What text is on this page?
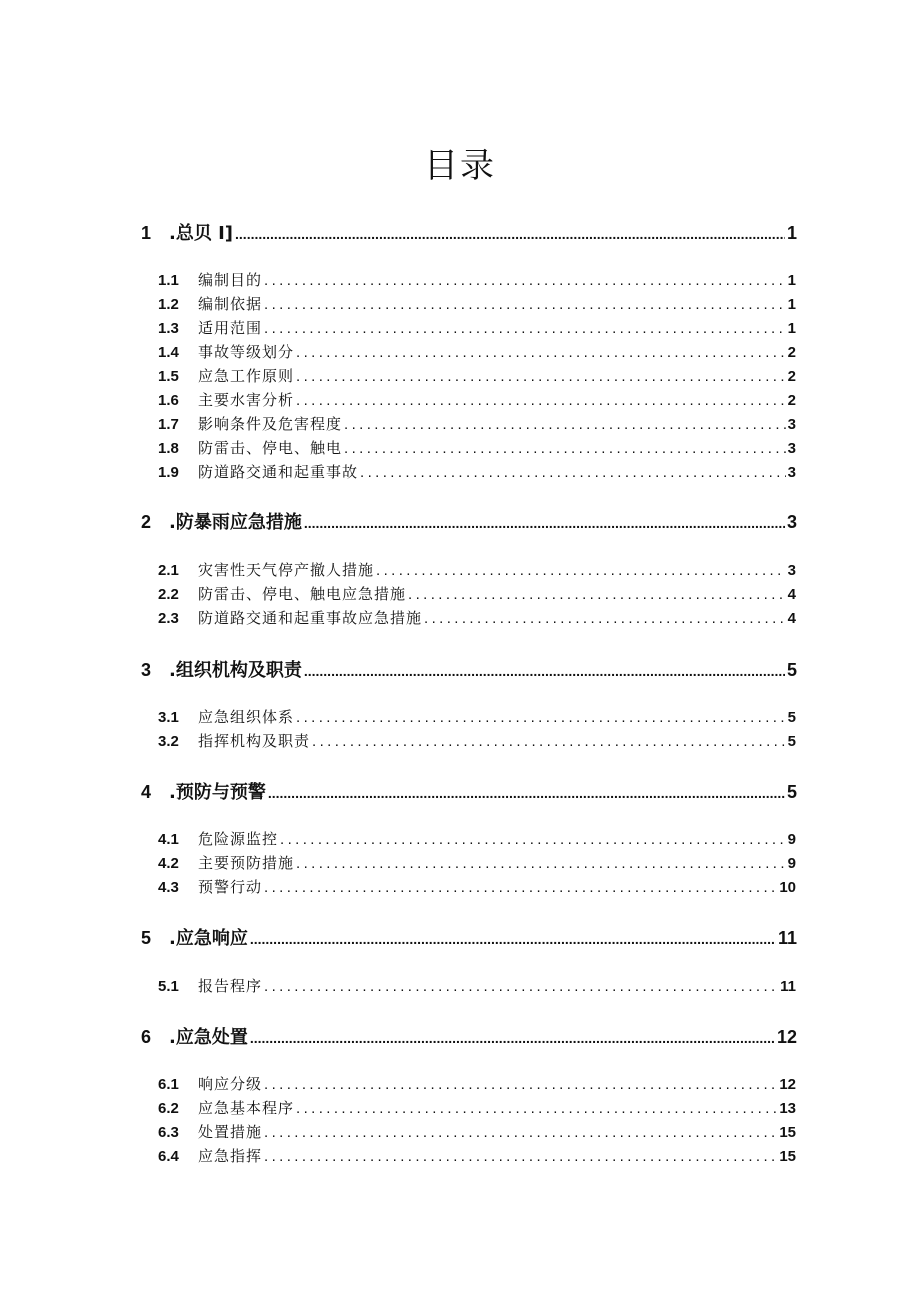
目录
1 .总贝 I] .....	1
1.1	编制目的 .....	1
1.2	编制依据 .....	1
1.3	适用范围 .....	1
1.4	事故等级划分 .....	2
1.5	应急工作原则 .....	2
1.6	主要水害分析 .....	2
1.7	影响条件及危害程度 .....	3
1.8	防雷击、停电、触电 .....	3
1.9	防道路交通和起重事故 .....	3
2 .防暴雨应急措施 .....	3
2.1	灾害性天气停产撤人措施 .....	3
2.2	防雷击、停电、触电应急措施 .....	4
2.3	防道路交通和起重事故应急措施 .....	4
3 .组织机构及职责 .....	5
3.1	应急组织体系 .....	5
3.2	指挥机构及职责 .....	5
4 .预防与预警 .....	5
4.1	危险源监控 .....	9
4.2	主要预防措施 .....	9
4.3	预警行动 .....	10
5 .应急响应 .....	11
5.1	报告程序 .....	11
6 .应急处置 .....	12
6.1	响应分级 .....	12
6.2	应急基本程序 .....	13
6.3	处置措施 .....	15
6.4	应急指挥 .....	15
